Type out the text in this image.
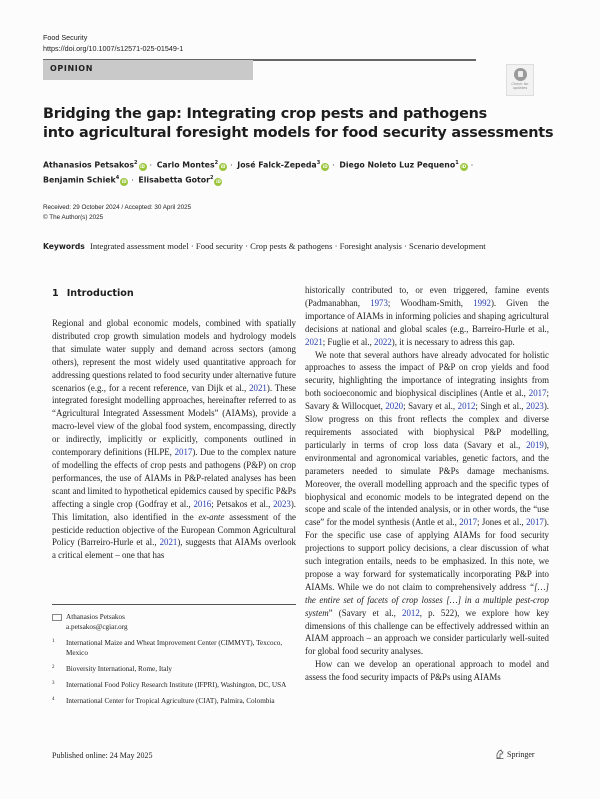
Food Security
https://doi.org/10.1007/s12571-025-01549-1
OPINION
Check for
updates
Bridging the gap: Integrating crop pests and pathogens
into agricultural foresight models for food security assessments
Athanasios Petsakos$^2$iD · Carlo Montes$^2$iD · José Falck-Zepeda$^3$iD · Diego Noleto Luz Pequeno$^1$iD ·
Benjamin Schiek$^4$iD · Elisabetta Gotor$^2$iD
Received: 29 October 2024 / Accepted: 30 April 2025
© The Author(s) 2025
Keywords Integrated assessment model · Food security · Crop pests & pathogens · Foresight analysis · Scenario development
1 Introduction

Regional and global economic models, combined with spatially distributed crop growth simulation models and hydrology models that simulate water supply and demand across sectors (among others), represent the most widely used quantitative approach for addressing questions related to food security under alternative future scenarios (e.g., for a recent reference, van Dijk et al., 2021). These integrated foresight modelling approaches, hereinafter referred to as “Agricultural Integrated Assessment Models” (AIAMs), provide a macro-level view of the global food system, encompassing, directly or indirectly, implicitly or explicitly, components outlined in contemporary definitions (HLPE, 2017). Due to the complex nature of modelling the effects of crop pests and pathogens (P&P) on crop performances, the use of AIAMs in P&P-related analyses has been scant and limited to hypothetical epidemics caused by specific P&Ps affecting a single crop (Godfray et al., 2016; Petsakos et al., 2023). This limitation, also identified in the ex-ante assessment of the pesticide reduction objective of the European Common Agricultural Policy (Barreiro-Hurle et al., 2021), suggests that AIAMs overlook a critical element – one that has

historically contributed to, or even triggered, famine events (Padmanabhan, 1973; Woodham-Smith, 1992). Given the importance of AIAMs in informing policies and shaping agricultural decisions at national and global scales (e.g., Barreiro-Hurle et al., 2021; Fuglie et al., 2022), it is necessary to adress this gap.

We note that several authors have already advocated for holistic approaches to assess the impact of P&P on crop yields and food security, highlighting the importance of integrating insights from both socioeconomic and biophysical disciplines (Antle et al., 2017; Savary & Willocquet, 2020; Savary et al., 2012; Singh et al., 2023). Slow progress on this front reflects the complex and diverse requirements associated with biophysical P&P modelling, particularly in terms of crop loss data (Savary et al., 2019), environmental and agronomical variables, genetic factors, and the parameters needed to simulate P&Ps damage mechanisms. Moreover, the overall modelling approach and the specific types of biophysical and economic models to be integrated depend on the scope and scale of the intended analysis, or in other words, the “use case” for the model synthesis (Antle et al., 2017; Jones et al., 2017). For the specific use case of applying AIAMs for food security projections to support policy decisions, a clear discussion of what such integration entails, needs to be emphasized. In this note, we propose a way forward for systematically incorporating P&P into AIAMs. While we do not claim to comprehensively address “[…] the entire set of facets of crop losses […] in a multiple pest-crop system” (Savary et al., 2012, p. 522), we explore how key dimensions of this challenge can be effectively addressed within an AIAM approach – an approach we consider particularly well-suited for global food security analyses.

How can we develop an operational approach to model and assess the food security impacts of P&Ps using AIAMs

Athanasios Petsakos
a.petsakos@cgiar.org
1	International Maize and Wheat Improvement Center (CIMMYT), Texcoco, Mexico
2	Bioversity International, Rome, Italy
3	International Food Policy Research Institute (IFPRI), Washington, DC, USA
4	International Center for Tropical Agriculture (CIAT), Palmira, Colombia
Published online: 24 May 2025	Springer
